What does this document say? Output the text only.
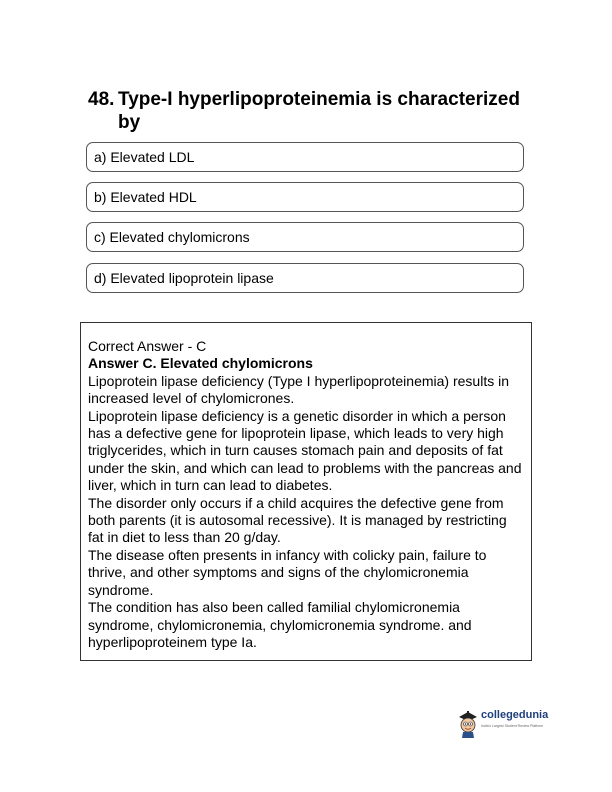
48. Type-I hyperlipoproteinemia is characterized by
a) Elevated LDL
b) Elevated HDL
c) Elevated chylomicrons
d) Elevated lipoprotein lipase

Correct Answer - C

Answer C. Elevated chylomicrons

Lipoprotein lipase deficiency (Type I hyperlipoproteinemia) results in increased level of chylomicrones.

Lipoprotein lipase deficiency is a genetic disorder in which a person has a defective gene for lipoprotein lipase, which leads to very high triglycerides, which in turn causes stomach pain and deposits of fat under the skin, and which can lead to problems with the pancreas and liver, which in turn can lead to diabetes.

The disorder only occurs if a child acquires the defective gene from both parents (it is autosomal recessive). It is managed by restricting fat in diet to less than 20 g/day.

The disease often presents in infancy with colicky pain, failure to thrive, and other symptoms and signs of the chylomicronemia syndrome.

The condition has also been called familial chylomicronemia syndrome, chylomicronemia, chylomicronemia syndrome. and hyperlipoproteinem type Ia.

collegedunia
India's Largest Student Review Platform
